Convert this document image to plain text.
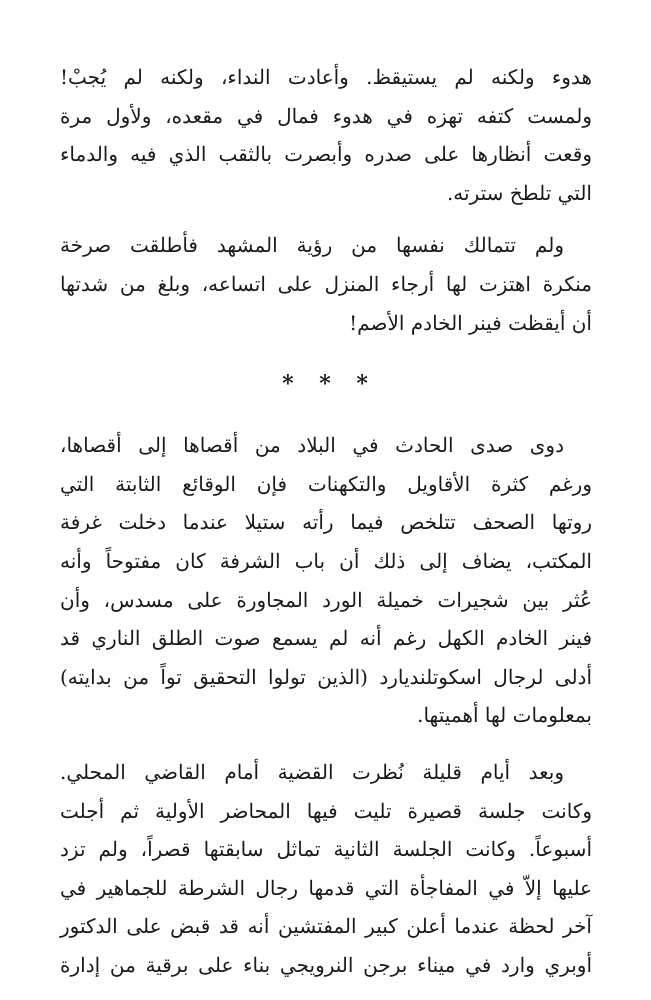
هدوء ولكنه لم يستيقظ. وأعادت النداء، ولكنه لم يُجبْ!
ولمست كتفه تهزه في هدوء فمال في مقعده، ولأول مرة
وقعت أنظارها على صدره وأبصرت بالثقب الذي فيه والدماء
التي تلطخ سترته.
ولم تتمالك نفسها من رؤية المشهد فأطلقت صرخة
منكرة اهتزت لها أرجاء المنزل على اتساعه، وبلغ من شدتها
أن أيقظت فينر الخادم الأصم!
* * *
دوى صدى الحادث في البلاد من أقصاها إلى أقصاها،
ورغم كثرة الأقاويل والتكهنات فإن الوقائع الثابتة التي
روتها الصحف تتلخص فيما رأته ستيلا عندما دخلت غرفة
المكتب، يضاف إلى ذلك أن باب الشرفة كان مفتوحاً وأنه
عُثر بين شجيرات خميلة الورد المجاورة على مسدس، وأن
فينر الخادم الكهل رغم أنه لم يسمع صوت الطلق الناري قد
أدلى لرجال اسكوتلنديارد (الذين تولوا التحقيق تواً من بدايته)
بمعلومات لها أهميتها.
وبعد أيام قليلة نُظرت القضية أمام القاضي المحلي.
وكانت جلسة قصيرة تليت فيها المحاضر الأولية ثم أجلت
أسبوعاً. وكانت الجلسة الثانية تماثل سابقتها قصراً، ولم تزد
عليها إلاّ في المفاجأة التي قدمها رجال الشرطة للجماهير في
آخر لحظة عندما أعلن كبير المفتشين أنه قد قبض على الدكتور
أوبري وارد في ميناء برجن النرويجي بناء على برقية من إدارة
